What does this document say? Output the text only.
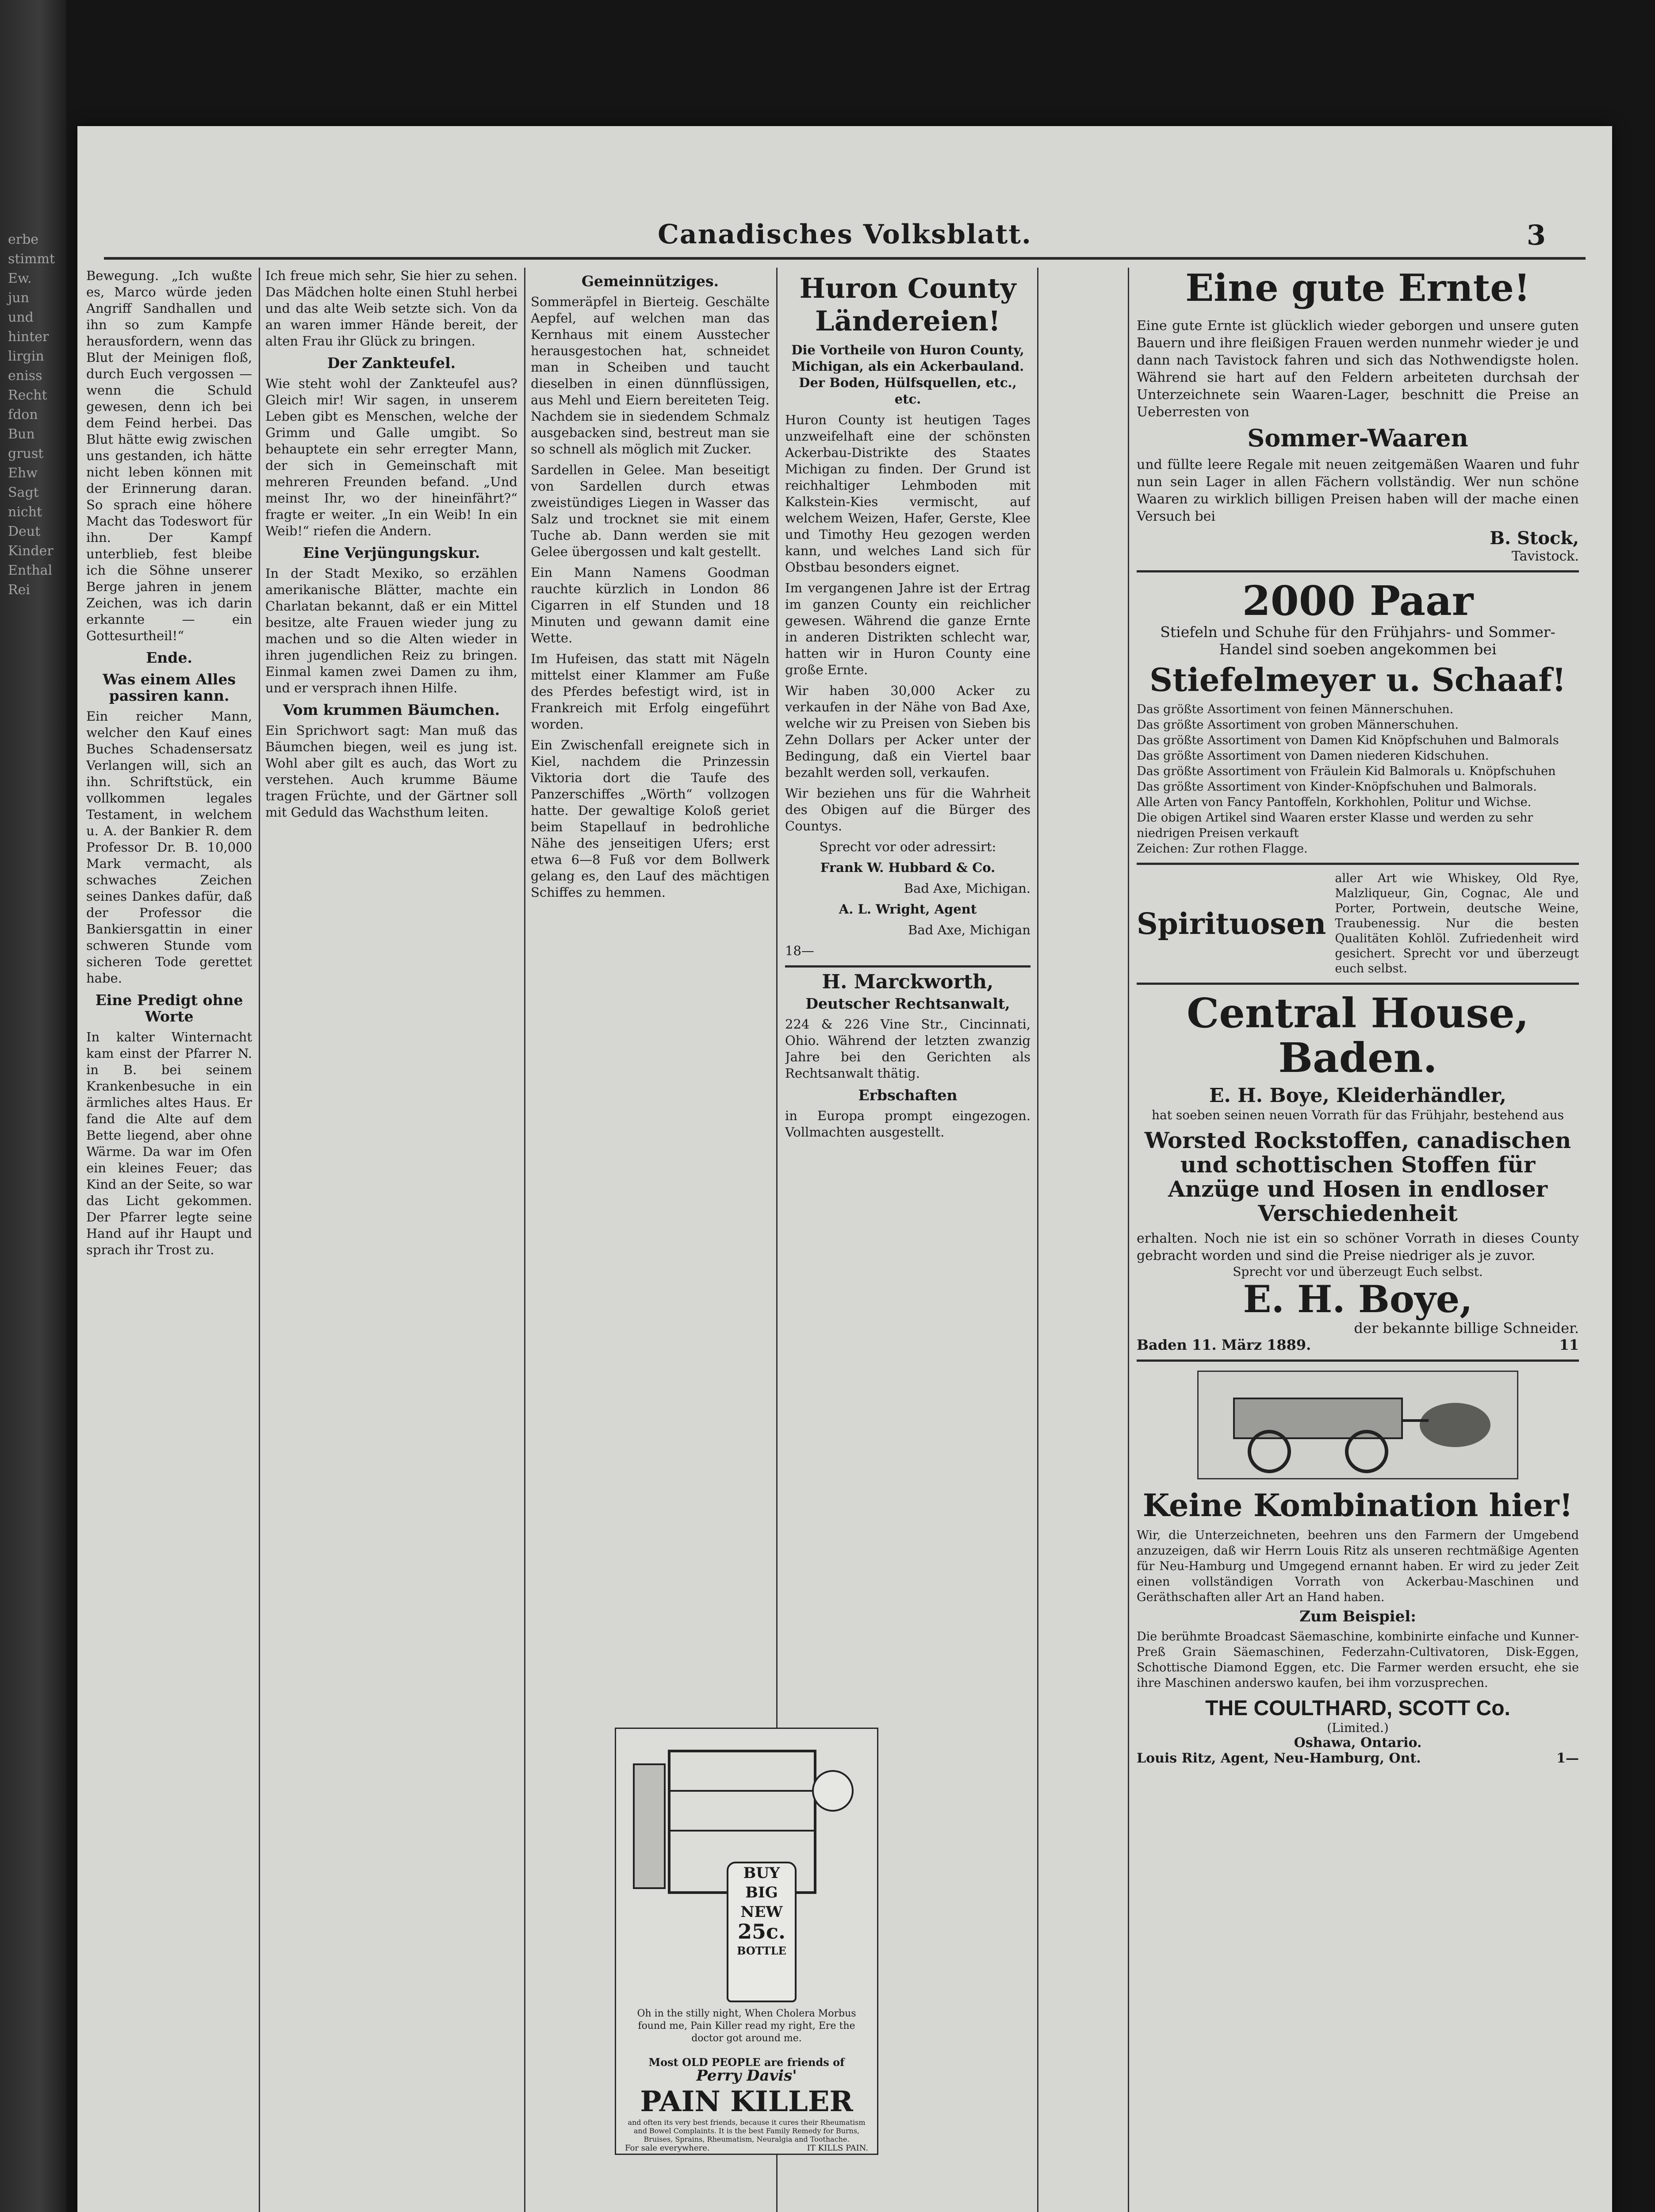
erbe
stimmt
Ew.
jun
und
hinter
lirgin
eniss
Recht
fdon
Bun
grust
Ehw
Sagt
nicht
Deut
Kinder
Enthal
Rei
Canadisches Volksblatt.	3

Bewegung. „Ich wußte es, Marco würde jeden Angriff Sandhallen und ihn so zum Kampfe herausfordern, wenn das Blut der Meinigen floß, durch Euch vergossen — wenn die Schuld gewesen, denn ich bei dem Feind herbei. Das Blut hätte ewig zwischen uns gestanden, ich hätte nicht leben können mit der Erinnerung daran. So sprach eine höhere Macht das Todeswort für ihn. Der Kampf unterblieb, fest bleibe ich die Söhne unserer Berge jahren in jenem Zeichen, was ich darin erkannte — ein Gottesurtheil!“

Ende.
Was einem Alles passiren kann.

Ein reicher Mann, welcher den Kauf eines Buches Schadensersatz Verlangen will, sich an ihn. Schriftstück, ein vollkommen legales Testament, in welchem u. A. der Bankier R. dem Professor Dr. B. 10,000 Mark vermacht, als schwaches Zeichen seines Dankes dafür, daß der Professor die Bankiersgattin in einer schweren Stunde vom sicheren Tode gerettet habe.

Eine Predigt ohne Worte

In kalter Winternacht kam einst der Pfarrer N. in B. bei seinem Krankenbesuche in ein ärmliches altes Haus. Er fand die Alte auf dem Bette liegend, aber ohne Wärme. Da war im Ofen ein kleines Feuer; das Kind an der Seite, so war das Licht gekommen. Der Pfarrer legte seine Hand auf ihr Haupt und sprach ihr Trost zu.

Ich freue mich sehr, Sie hier zu sehen. Das Mädchen holte einen Stuhl herbei und das alte Weib setzte sich. Von da an waren immer Hände bereit, der alten Frau ihr Glück zu bringen.

Der Zankteufel.

Wie steht wohl der Zankteufel aus? Gleich mir! Wir sagen, in unserem Leben gibt es Menschen, welche der Grimm und Galle umgibt. So behauptete ein sehr erregter Mann, der sich in Gemeinschaft mit mehreren Freunden befand. „Und meinst Ihr, wo der hineinfährt?“ fragte er weiter. „In ein Weib! In ein Weib!“ riefen die Andern.

Eine Verjüngungskur.

In der Stadt Mexiko, so erzählen amerikanische Blätter, machte ein Charlatan bekannt, daß er ein Mittel besitze, alte Frauen wieder jung zu machen und so die Alten wieder in ihren jugendlichen Reiz zu bringen. Einmal kamen zwei Damen zu ihm, und er versprach ihnen Hilfe.

Vom krummen Bäumchen.

Ein Sprichwort sagt: Man muß das Bäumchen biegen, weil es jung ist. Wohl aber gilt es auch, das Wort zu verstehen. Auch krumme Bäume tragen Früchte, und der Gärtner soll mit Geduld das Wachsthum leiten.

Gemeinnütziges.

Sommeräpfel in Bierteig. Geschälte Aepfel, auf welchen man das Kernhaus mit einem Ausstecher herausgestochen hat, schneidet man in Scheiben und taucht dieselben in einen dünnflüssigen, aus Mehl und Eiern bereiteten Teig. Nachdem sie in siedendem Schmalz ausgebacken sind, bestreut man sie so schnell als möglich mit Zucker.

Sardellen in Gelee. Man beseitigt von Sardellen durch etwas zweistündiges Liegen in Wasser das Salz und trocknet sie mit einem Tuche ab. Dann werden sie mit Gelee übergossen und kalt gestellt.

Ein Mann Namens Goodman rauchte kürzlich in London 86 Cigarren in elf Stunden und 18 Minuten und gewann damit eine Wette.

Im Hufeisen, das statt mit Nägeln mittelst einer Klammer am Fuße des Pferdes befestigt wird, ist in Frankreich mit Erfolg eingeführt worden.

Ein Zwischenfall ereignete sich in Kiel, nachdem die Prinzessin Viktoria dort die Taufe des Panzerschiffes „Wörth“ vollzogen hatte. Der gewaltige Koloß geriet beim Stapellauf in bedrohliche Nähe des jenseitigen Ufers; erst etwa 6—8 Fuß vor dem Bollwerk gelang es, den Lauf des mächtigen Schiffes zu hemmen.

Huron County Ländereien!

Die Vortheile von Huron County, Michigan, als ein Ackerbauland. Der Boden, Hülfsquellen, etc., etc.

Huron County ist heutigen Tages unzweifelhaft eine der schönsten Ackerbau-Distrikte des Staates Michigan zu finden. Der Grund ist reichhaltiger Lehmboden mit Kalkstein-Kies vermischt, auf welchem Weizen, Hafer, Gerste, Klee und Timothy Heu gezogen werden kann, und welches Land sich für Obstbau besonders eignet.

Im vergangenen Jahre ist der Ertrag im ganzen County ein reichlicher gewesen. Während die ganze Ernte in anderen Distrikten schlecht war, hatten wir in Huron County eine große Ernte.

Wir haben 30,000 Acker zu verkaufen in der Nähe von Bad Axe, welche wir zu Preisen von Sieben bis Zehn Dollars per Acker unter der Bedingung, daß ein Viertel baar bezahlt werden soll, verkaufen.

Wir beziehen uns für die Wahrheit des Obigen auf die Bürger des Countys.

Sprecht vor oder adressirt:

Frank W. Hubbard & Co.

Bad Axe, Michigan.

A. L. Wright, Agent

Bad Axe, Michigan

18—

H. Marckworth,
Deutscher Rechtsanwalt,

224 & 226 Vine Str., Cincinnati, Ohio. Während der letzten zwanzig Jahre bei den Gerichten als Rechtsanwalt thätig.

Erbschaften

in Europa prompt eingezogen. Vollmachten ausgestellt.

BUY
BIG
NEW
25c.
BOTTLE
Oh in the stilly night, When Cholera Morbus found me, Pain Killer read my right, Ere the doctor got around me.
Most OLD PEOPLE are friends of
Perry Davis'
PAIN KILLER
and often its very best friends, because it cures their Rheumatism and Bowel Complaints. It is the best Family Remedy for Burns, Bruises, Sprains, Rheumatism, Neuralgia and Toothache.
For sale everywhere.	IT KILLS PAIN.
Eine gute Ernte!
Eine gute Ernte ist glücklich wieder geborgen und unsere guten Bauern und ihre fleißigen Frauen werden nunmehr wieder je und dann nach Tavistock fahren und sich das Nothwendigste holen. Während sie hart auf den Feldern arbeiteten durchsah der Unterzeichnete sein Waaren-Lager, beschnitt die Preise an Ueberresten von
Sommer-Waaren
und füllte leere Regale mit neuen zeitgemäßen Waaren und fuhr nun sein Lager in allen Fächern vollständig. Wer nun schöne Waaren zu wirklich billigen Preisen haben will der mache einen Versuch bei
B. Stock,
Tavistock.
2000 Paar
Stiefeln und Schuhe für den Frühjahrs- und Sommer-Handel sind soeben angekommen bei
Stiefelmeyer u. Schaaf!
Das größte Assortiment von feinen Männerschuhen.
Das größte Assortiment von groben Männerschuhen.
Das größte Assortiment von Damen Kid Knöpfschuhen und Balmorals
Das größte Assortiment von Damen niederen Kidschuhen.
Das größte Assortiment von Fräulein Kid Balmorals u. Knöpfschuhen
Das größte Assortiment von Kinder-Knöpfschuhen und Balmorals.
Alle Arten von Fancy Pantoffeln, Korkhohlen, Politur und Wichse.
Die obigen Artikel sind Waaren erster Klasse und werden zu sehr niedrigen Preisen verkauft
Zeichen: Zur rothen Flagge.
Spirituosen
aller Art wie Whiskey, Old Rye, Malzliqueur, Gin, Cognac, Ale und Porter, Portwein, deutsche Weine, Traubenessig. Nur die besten Qualitäten Kohlöl. Zufriedenheit wird gesichert. Sprecht vor und überzeugt euch selbst.
Central House, Baden.
E. H. Boye, Kleiderhändler,
hat soeben seinen neuen Vorrath für das Frühjahr, bestehend aus
Worsted Rockstoffen, canadischen und schottischen Stoffen für Anzüge und Hosen in endloser Verschiedenheit
erhalten. Noch nie ist ein so schöner Vorrath in dieses County gebracht worden und sind die Preise niedriger als je zuvor.
Sprecht vor und überzeugt Euch selbst.
E. H. Boye,
der bekannte billige Schneider.
Baden 11. März 1889.	11
Keine Kombination hier!
Wir, die Unterzeichneten, beehren uns den Farmern der Umgebend anzuzeigen, daß wir Herrn Louis Ritz als unseren rechtmäßige Agenten für Neu-Hamburg und Umgegend ernannt haben. Er wird zu jeder Zeit einen vollständigen Vorrath von Ackerbau-Maschinen und Geräthschaften aller Art an Hand haben.
Zum Beispiel:
Die berühmte Broadcast Säemaschine, kombinirte einfache und Kunner-Preß Grain Säemaschinen, Federzahn-Cultivatoren, Disk-Eggen, Schottische Diamond Eggen, etc. Die Farmer werden ersucht, ehe sie ihre Maschinen anderswo kaufen, bei ihm vorzusprechen.
THE COULTHARD, SCOTT Co.
(Limited.)
Oshawa, Ontario.
Louis Ritz, Agent, Neu-Hamburg, Ont.	1—
